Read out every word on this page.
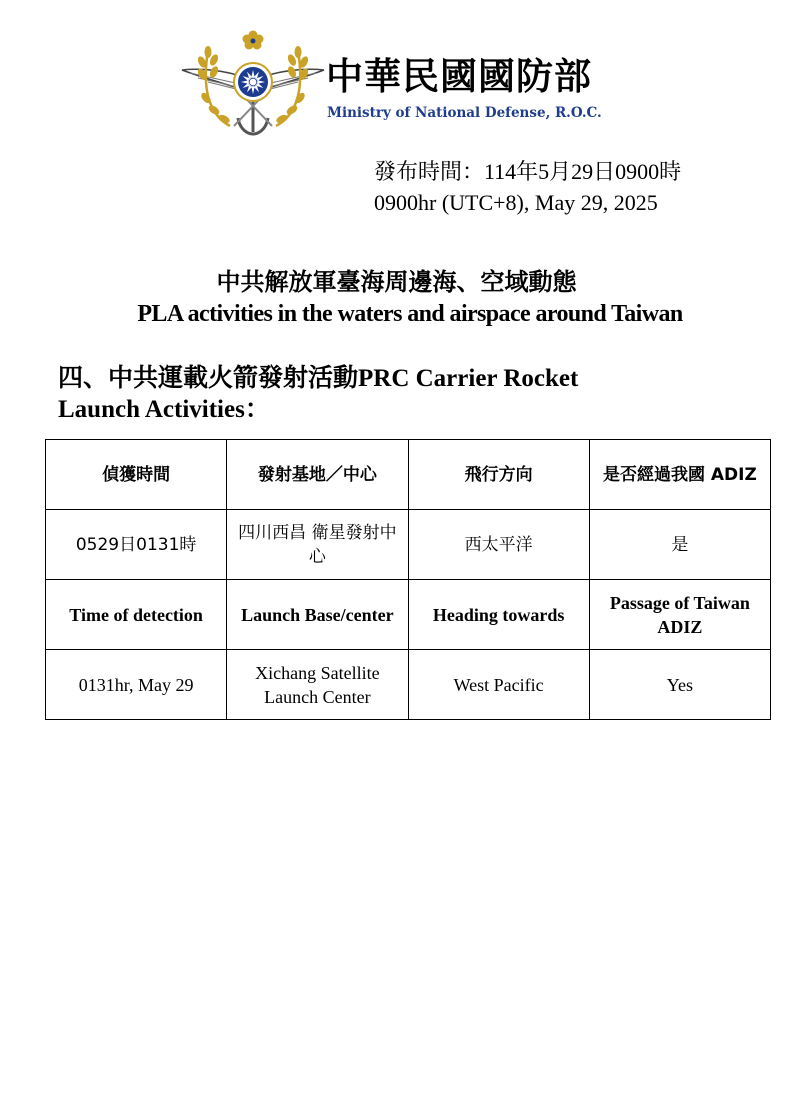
中華民國國防部
Ministry of National Defense, R.O.C.
發布時間：114年5月29日0900時
0900hr (UTC+8), May 29, 2025
中共解放軍臺海周邊海、空域動態
PLA activities in the waters and airspace around Taiwan
四、中共運載火箭發射活動PRC Carrier Rocket
Launch Activities：
偵獲時間	發射基地／中心	飛行方向	是否經過我國 ADIZ
0529日0131時	四川西昌 衛星發射中心	西太平洋	是
Time of detection	Launch Base/center	Heading towards	Passage of Taiwan ADIZ
0131hr, May 29	Xichang Satellite Launch Center	West Pacific	Yes
